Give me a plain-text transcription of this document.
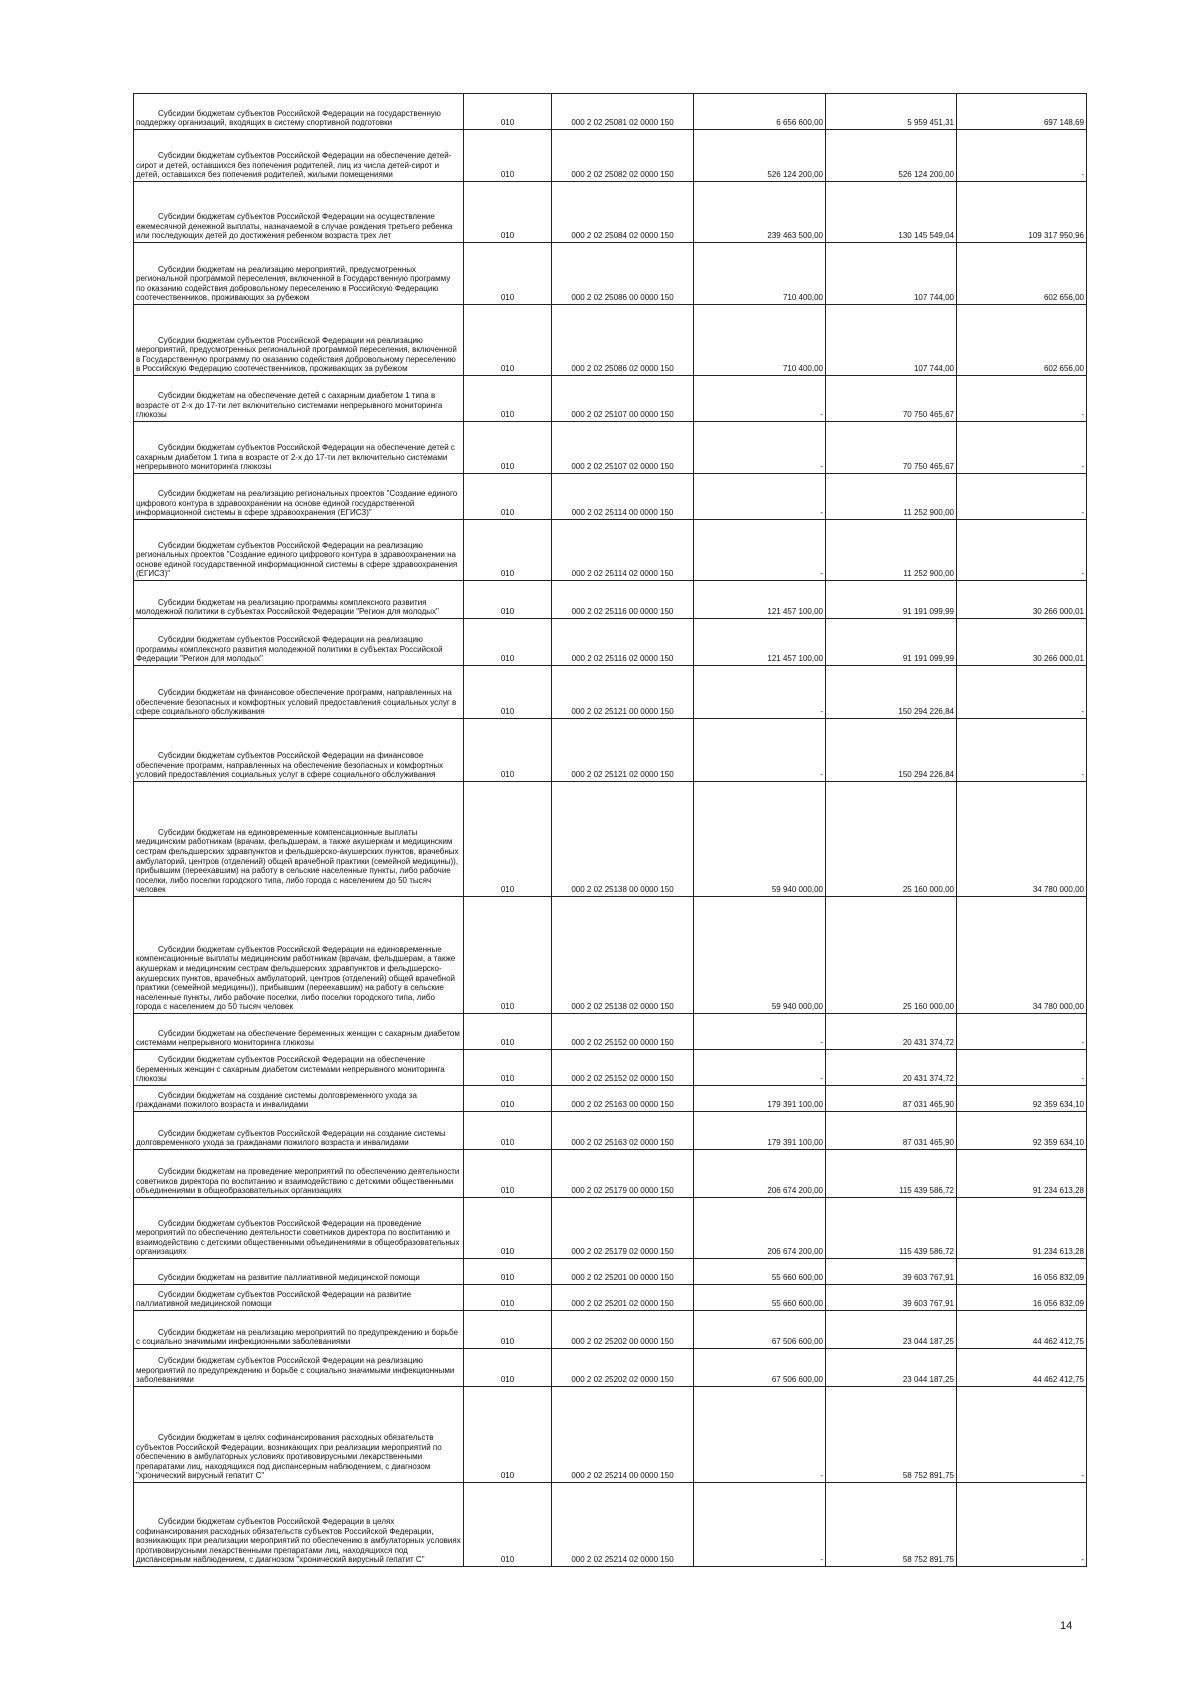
Субсидии бюджетам субъектов Российской Федерации на государственную поддержку организаций, входящих в систему спортивной подготовки	010	000 2 02 25081 02 0000 150	6 656 600,00	5 959 451,31	697 148,69
Субсидии бюджетам субъектов Российской Федерации на обеспечение детей-сирот и детей, оставшихся без попечения родителей, лиц из числа детей-сирот и детей, оставшихся без попечения родителей, жилыми помещениями	010	000 2 02 25082 02 0000 150	526 124 200,00	526 124 200,00	-
Субсидии бюджетам субъектов Российской Федерации на осуществление ежемесячной денежной выплаты, назначаемой в случае рождения третьего ребенка или последующих детей до достижения ребенком возраста трех лет	010	000 2 02 25084 02 0000 150	239 463 500,00	130 145 549,04	109 317 950,96
Субсидии бюджетам на реализацию мероприятий, предусмотренных региональной программой переселения, включенной в Государственную программу по оказанию содействия добровольному переселению в Российскую Федерацию соотечественников, проживающих за рубежом	010	000 2 02 25086 00 0000 150	710 400,00	107 744,00	602 656,00
Субсидии бюджетам субъектов Российской Федерации на реализацию мероприятий, предусмотренных региональной программой переселения, включенной в Государственную программу по оказанию содействия добровольному переселению в Российскую Федерацию соотечественников, проживающих за рубежом	010	000 2 02 25086 02 0000 150	710 400,00	107 744,00	602 656,00
Субсидии бюджетам на обеспечение детей с сахарным диабетом 1 типа в возрасте от 2-х до 17-ти лет включительно системами непрерывного мониторинга глюкозы	010	000 2 02 25107 00 0000 150	-	70 750 465,67	-
Субсидии бюджетам субъектов Российской Федерации на обеспечение детей с сахарным диабетом 1 типа в возрасте от 2-х до 17-ти лет включительно системами непрерывного мониторинга глюкозы	010	000 2 02 25107 02 0000 150	-	70 750 465,67	-
Субсидии бюджетам на реализацию региональных проектов "Создание единого цифрового контура в здравоохранении на основе единой государственной информационной системы в сфере здравоохранения (ЕГИСЗ)"	010	000 2 02 25114 00 0000 150	-	11 252 900,00	-
Субсидии бюджетам субъектов Российской Федерации на реализацию региональных проектов "Создание единого цифрового контура в здравоохранении на основе единой государственной информационной системы в сфере здравоохранения (ЕГИСЗ)"	010	000 2 02 25114 02 0000 150	-	11 252 900,00	-
Субсидии бюджетам на реализацию программы комплексного развития молодежной политики в субъектах Российской Федерации "Регион для молодых"	010	000 2 02 25116 00 0000 150	121 457 100,00	91 191 099,99	30 266 000,01
Субсидии бюджетам субъектов Российской Федерации на реализацию программы комплексного развития молодежной политики в субъектах Российской Федерации "Регион для молодых"	010	000 2 02 25116 02 0000 150	121 457 100,00	91 191 099,99	30 266 000,01
Субсидии бюджетам на финансовое обеспечение программ, направленных на обеспечение безопасных и комфортных условий предоставления социальных услуг в сфере социального обслуживания	010	000 2 02 25121 00 0000 150	-	150 294 226,84	-
Субсидии бюджетам субъектов Российской Федерации на финансовое обеспечение программ, направленных на обеспечение безопасных и комфортных условий предоставления социальных услуг в сфере социального обслуживания	010	000 2 02 25121 02 0000 150	-	150 294 226,84	-
Субсидии бюджетам на единовременные компенсационные выплаты медицинским работникам (врачам, фельдшерам, а также акушеркам и медицинским сестрам фельдшерских здравпунктов и фельдшерско-акушерских пунктов, врачебных амбулаторий, центров (отделений) общей врачебной практики (семейной медицины)), прибывшим (переехавшим) на работу в сельские населенные пункты, либо рабочие поселки, либо поселки городского типа, либо города с населением до 50 тысяч человек	010	000 2 02 25138 00 0000 150	59 940 000,00	25 160 000,00	34 780 000,00
Субсидии бюджетам субъектов Российской Федерации на единовременные компенсационные выплаты медицинским работникам (врачам, фельдшерам, а также акушеркам и медицинским сестрам фельдшерских здравпунктов и фельдшерско-акушерских пунктов, врачебных амбулаторий, центров (отделений) общей врачебной практики (семейной медицины)), прибывшим (переехавшим) на работу в сельские населенные пункты, либо рабочие поселки, либо поселки городского типа, либо города с населением до 50 тысяч человек	010	000 2 02 25138 02 0000 150	59 940 000,00	25 160 000,00	34 780 000,00
Субсидии бюджетам на обеспечение беременных женщин с сахарным диабетом системами непрерывного мониторинга глюкозы	010	000 2 02 25152 00 0000 150	-	20 431 374,72	-
Субсидии бюджетам субъектов Российской Федерации на обеспечение беременных женщин с сахарным диабетом системами непрерывного мониторинга глюкозы	010	000 2 02 25152 02 0000 150	-	20 431 374,72	-
Субсидии бюджетам на создание системы долговременного ухода за гражданами пожилого возраста и инвалидами	010	000 2 02 25163 00 0000 150	179 391 100,00	87 031 465,90	92 359 634,10
Субсидии бюджетам субъектов Российской Федерации на создание системы долговременного ухода за гражданами пожилого возраста и инвалидами	010	000 2 02 25163 02 0000 150	179 391 100,00	87 031 465,90	92 359 634,10
Субсидии бюджетам на проведение мероприятий по обеспечению деятельности советников директора по воспитанию и взаимодействию с детскими общественными объединениями в общеобразовательных организациях	010	000 2 02 25179 00 0000 150	206 674 200,00	115 439 586,72	91 234 613,28
Субсидии бюджетам субъектов Российской Федерации на проведение мероприятий по обеспечению деятельности советников директора по воспитанию и взаимодействию с детскими общественными объединениями в общеобразовательных организациях	010	000 2 02 25179 02 0000 150	206 674 200,00	115 439 586,72	91 234 613,28
Субсидии бюджетам на развитие паллиативной медицинской помощи	010	000 2 02 25201 00 0000 150	55 660 600,00	39 603 767,91	16 056 832,09
Субсидии бюджетам субъектов Российской Федерации на развитие паллиативной медицинской помощи	010	000 2 02 25201 02 0000 150	55 660 600,00	39 603 767,91	16 056 832,09
Субсидии бюджетам на реализацию мероприятий по предупреждению и борьбе с социально значимыми инфекционными заболеваниями	010	000 2 02 25202 00 0000 150	67 506 600,00	23 044 187,25	44 462 412,75
Субсидии бюджетам субъектов Российской Федерации на реализацию мероприятий по предупреждению и борьбе с социально значимыми инфекционными заболеваниями	010	000 2 02 25202 02 0000 150	67 506 600,00	23 044 187,25	44 462 412,75
Субсидии бюджетам в целях софинансирования расходных обязательств субъектов Российской Федерации, возникающих при реализации мероприятий по обеспечению в амбулаторных условиях противовирусными лекарственными препаратами лиц, находящихся под диспансерным наблюдением, с диагнозом "хронический вирусный гепатит С"	010	000 2 02 25214 00 0000 150	-	58 752 891,75	-
Субсидии бюджетам субъектов Российской Федерации в целях софинансирования расходных обязательств субъектов Российской Федерации, возникающих при реализации мероприятий по обеспечению в амбулаторных условиях противовирусными лекарственными препаратами лиц, находящихся под диспансерным наблюдением, с диагнозом "хронический вирусный гепатит С"	010	000 2 02 25214 02 0000 150	-	58 752 891,75	-
14
